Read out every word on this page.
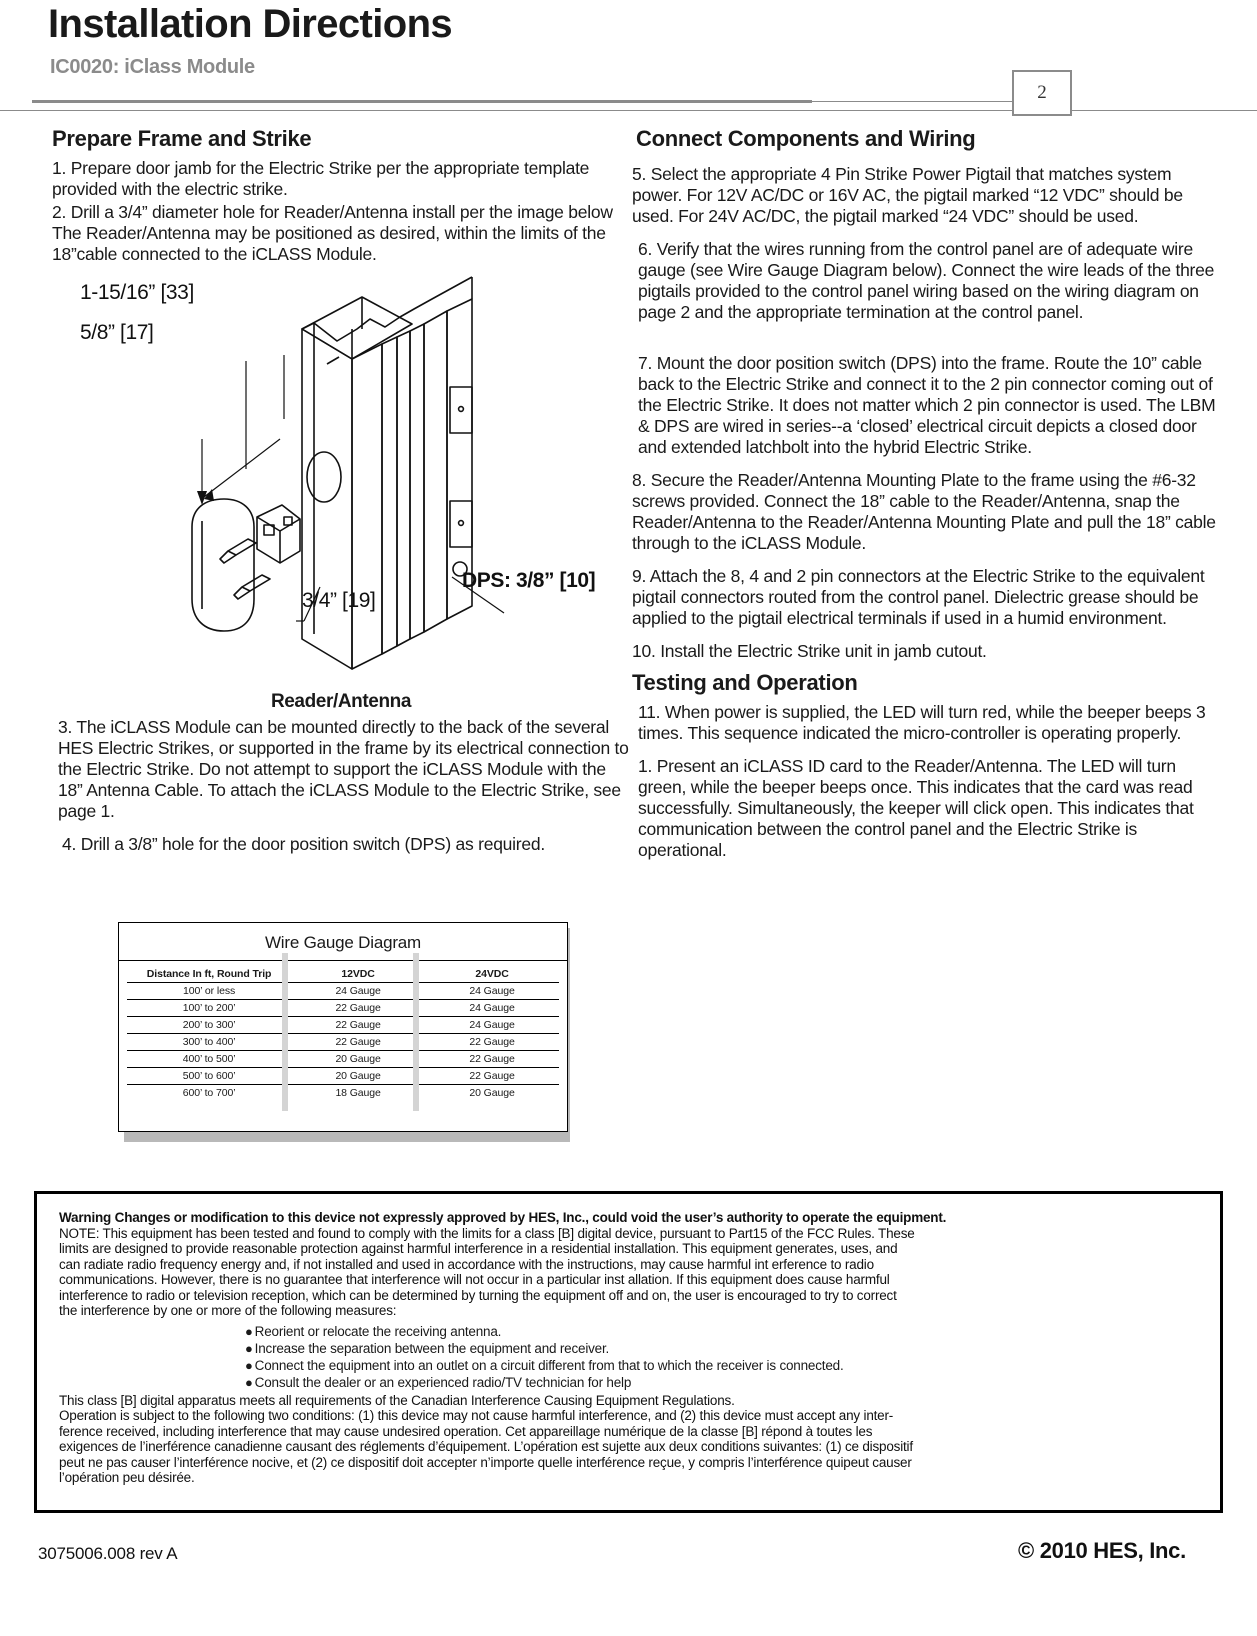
Installation Directions
IC0020: iClass Module
2
Prepare Frame and Strike

1. Prepare door jamb for the Electric Strike per the appropriate template provided with the electric strike.

2. Drill a 3/4” diameter hole for Reader/Antenna install per the image below The Reader/Antenna may be positioned as desired, within the limits of the 18”cable connected to the iCLASS Module.

1-15/16” [33]
5/8” [17]
3/4” [19]
DPS: 3/8” [10]
Reader/Antenna

3. The iCLASS Module can be mounted directly to the back of the several HES Electric Strikes, or supported in the frame by its electrical connection to the Electric Strike. Do not attempt to support the iCLASS Module with the 18” Antenna Cable. To attach the iCLASS Module to the Electric Strike, see page 1.

4. Drill a 3/8” hole for the door position switch (DPS) as required.

Connect Components and Wiring

5. Select the appropriate 4 Pin Strike Power Pigtail that matches system power. For 12V AC/DC or 16V AC, the pigtail marked “12 VDC” should be used. For 24V AC/DC, the pigtail marked “24 VDC” should be used.

6. Verify that the wires running from the control panel are of adequate wire gauge (see Wire Gauge Diagram below). Connect the wire leads of the three pigtails provided to the control panel wiring based on the wiring diagram on page 2 and the appropriate termination at the control panel.

7. Mount the door position switch (DPS) into the frame. Route the 10” cable back to the Electric Strike and connect it to the 2 pin connector coming out of the Electric Strike. It does not matter which 2 pin connector is used. The LBM & DPS are wired in series--a ‘closed’ electrical circuit depicts a closed door and extended latchbolt into the hybrid Electric Strike.

8. Secure the Reader/Antenna Mounting Plate to the frame using the #6-32 screws provided. Connect the 18” cable to the Reader/Antenna, snap the Reader/Antenna to the Reader/Antenna Mounting Plate and pull the 18” cable through to the iCLASS Module.

9. Attach the 8, 4 and 2 pin connectors at the Electric Strike to the equivalent pigtail connectors routed from the control panel. Dielectric grease should be applied to the pigtail electrical terminals if used in a humid environment.

10. Install the Electric Strike unit in jamb cutout.

Testing and Operation

11. When power is supplied, the LED will turn red, while the beeper beeps 3 times. This sequence indicated the micro-controller is operating properly.

1. Present an iCLASS ID card to the Reader/Antenna. The LED will turn green, while the beeper beeps once. This indicates that the card was read successfully. Simultaneously, the keeper will click open. This indicates that communication between the control panel and the Electric Strike is operational.

Wire Gauge Diagram
Distance In ft, Round Trip	12VDC	24VDC
100’ or less	24 Gauge	24 Gauge
100’ to 200’	22 Gauge	24 Gauge
200’ to 300’	22 Gauge	24 Gauge
300’ to 400’	22 Gauge	22 Gauge
400’ to 500’	20 Gauge	22 Gauge
500’ to 600’	20 Gauge	22 Gauge
600’ to 700’	18 Gauge	20 Gauge
Warning Changes or modification to this device not expressly approved by HES, Inc., could void the user’s authority to operate the equipment.
NOTE: This equipment has been tested and found to comply with the limits for a class [B] digital device, pursuant to Part15 of the FCC Rules. These
limits are designed to provide reasonable protection against harmful interference in a residential installation. This equipment generates, uses, and
can radiate radio frequency energy and, if not installed and used in accordance with the instructions, may cause harmful int erference to radio
communications. However, there is no guarantee that interference will not occur in a particular inst allation. If this equipment does cause harmful
interference to radio or television reception, which can be determined by turning the equipment off and on, the user is encouraged to try to correct
the interference by one or more of the following measures:
● Reorient or relocate the receiving antenna.
● Increase the separation between the equipment and receiver.
● Connect the equipment into an outlet on a circuit different from that to which the receiver is connected.
● Consult the dealer or an experienced radio/TV technician for help
This class [B] digital apparatus meets all requirements of the Canadian Interference Causing Equipment Regulations.
Operation is subject to the following two conditions: (1) this device may not cause harmful interference, and (2) this device must accept any inter-
ference received, including interference that may cause undesired operation. Cet appareillage numérique de la classe [B] répond à toutes les
exigences de l’inerférence canadienne causant des réglements d’équipement. L’opération est sujette aux deux conditions suivantes: (1) ce dispositif
peut ne pas causer l’interférence nocive, et (2) ce dispositif doit accepter n’importe quelle interférence reçue, y compris l’interférence quipeut causer
l’opération peu désirée.
3075006.008 rev A	© 2010 HES, Inc.
